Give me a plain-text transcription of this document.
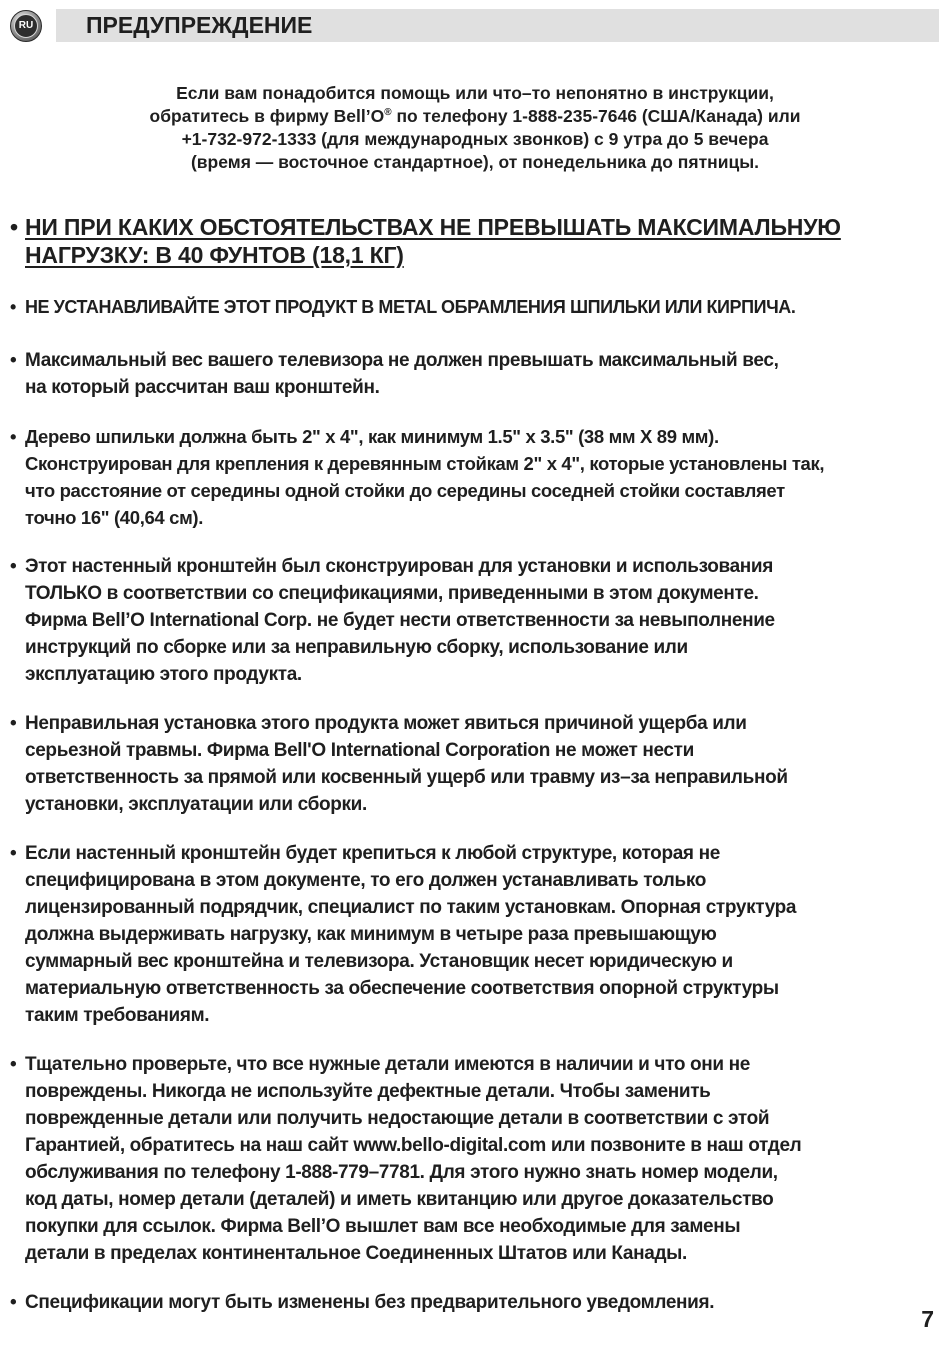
RU ПРЕДУПРЕЖДЕНИЕ
Если вам понадобится помощь или что–то непонятно в инструкции,
обратитесь в фирму Bell’O® по телефону 1-888-235-7646 (США/Канада) или
+1-732-972-1333 (для международных звонков) с 9 утра до 5 вечера
(время — восточное стандартное), от понедельника до пятницы.
• НИ ПРИ КАКИХ ОБСТОЯТЕЛЬСТВАХ НЕ ПРЕВЫШАТЬ МАКСИМАЛЬНУЮ
НАГРУЗКУ: В 40 ФУНТОВ (18,1 КГ)
• НЕ УСТАНАВЛИВАЙТЕ ЭТОТ ПРОДУКТ В METAL ОБРАМЛЕНИЯ ШПИЛЬКИ ИЛИ КИРПИЧА.
• Максимальный вес вашего телевизора не должен превышать максимальный вес,
на который рассчитан ваш кронштейн.
• Дерево шпильки должна быть 2" x 4", как минимум 1.5" x 3.5" (38 мм X 89 мм).
Сконструирован для крепления к деревянным стойкам 2" x 4", которые установлены так,
что расстояние от середины одной стойки до середины соседней стойки составляет
точно 16" (40,64 см).
• Этот настенный кронштейн был сконструирован для установки и использования
ТОЛЬКО в соответствии со спецификациями, приведенными в этом документе.
Фирма Bell’O International Corp. не будет нести ответственности за невыполнение
инструкций по сборке или за неправильную сборку, использование или
эксплуатацию этого продукта.
• Неправильная установка этого продукта может явиться причиной ущерба или
серьезной травмы. Фирма Bell'O International Corporation не может нести
ответственность за прямой или косвенный ущерб или травму из–за неправильной
установки, эксплуатации или сборки.
• Если настенный кронштейн будет крепиться к любой структуре, которая не
специфицирована в этом документе, то его должен устанавливать только
лицензированный подрядчик, специалист по таким установкам. Опорная структура
должна выдерживать нагрузку, как минимум в четыре раза превышающую
суммарный вес кронштейна и телевизора. Установщик несет юридическую и
материальную ответственность за обеспечение соответствия опорной структуры
таким требованиям.
• Тщательно проверьте, что все нужные детали имеются в наличии и что они не
повреждены. Никогда не используйте дефектные детали. Чтобы заменить
поврежденные детали или получить недостающие детали в соответствии с этой
Гарантией, обратитесь на наш сайт www.bello-digital.com или позвоните в наш отдел
обслуживания по телефону 1-888-779–7781. Для этого нужно знать номер модели,
код даты, номер детали (деталей) и иметь квитанцию или другое доказательство
покупки для ссылок. Фирма Bell’O вышлет вам все необходимые для замены
детали в пределах континентальное Соединенных Штатов или Канады.
• Спецификации могут быть изменены без предварительного уведомления.
7
